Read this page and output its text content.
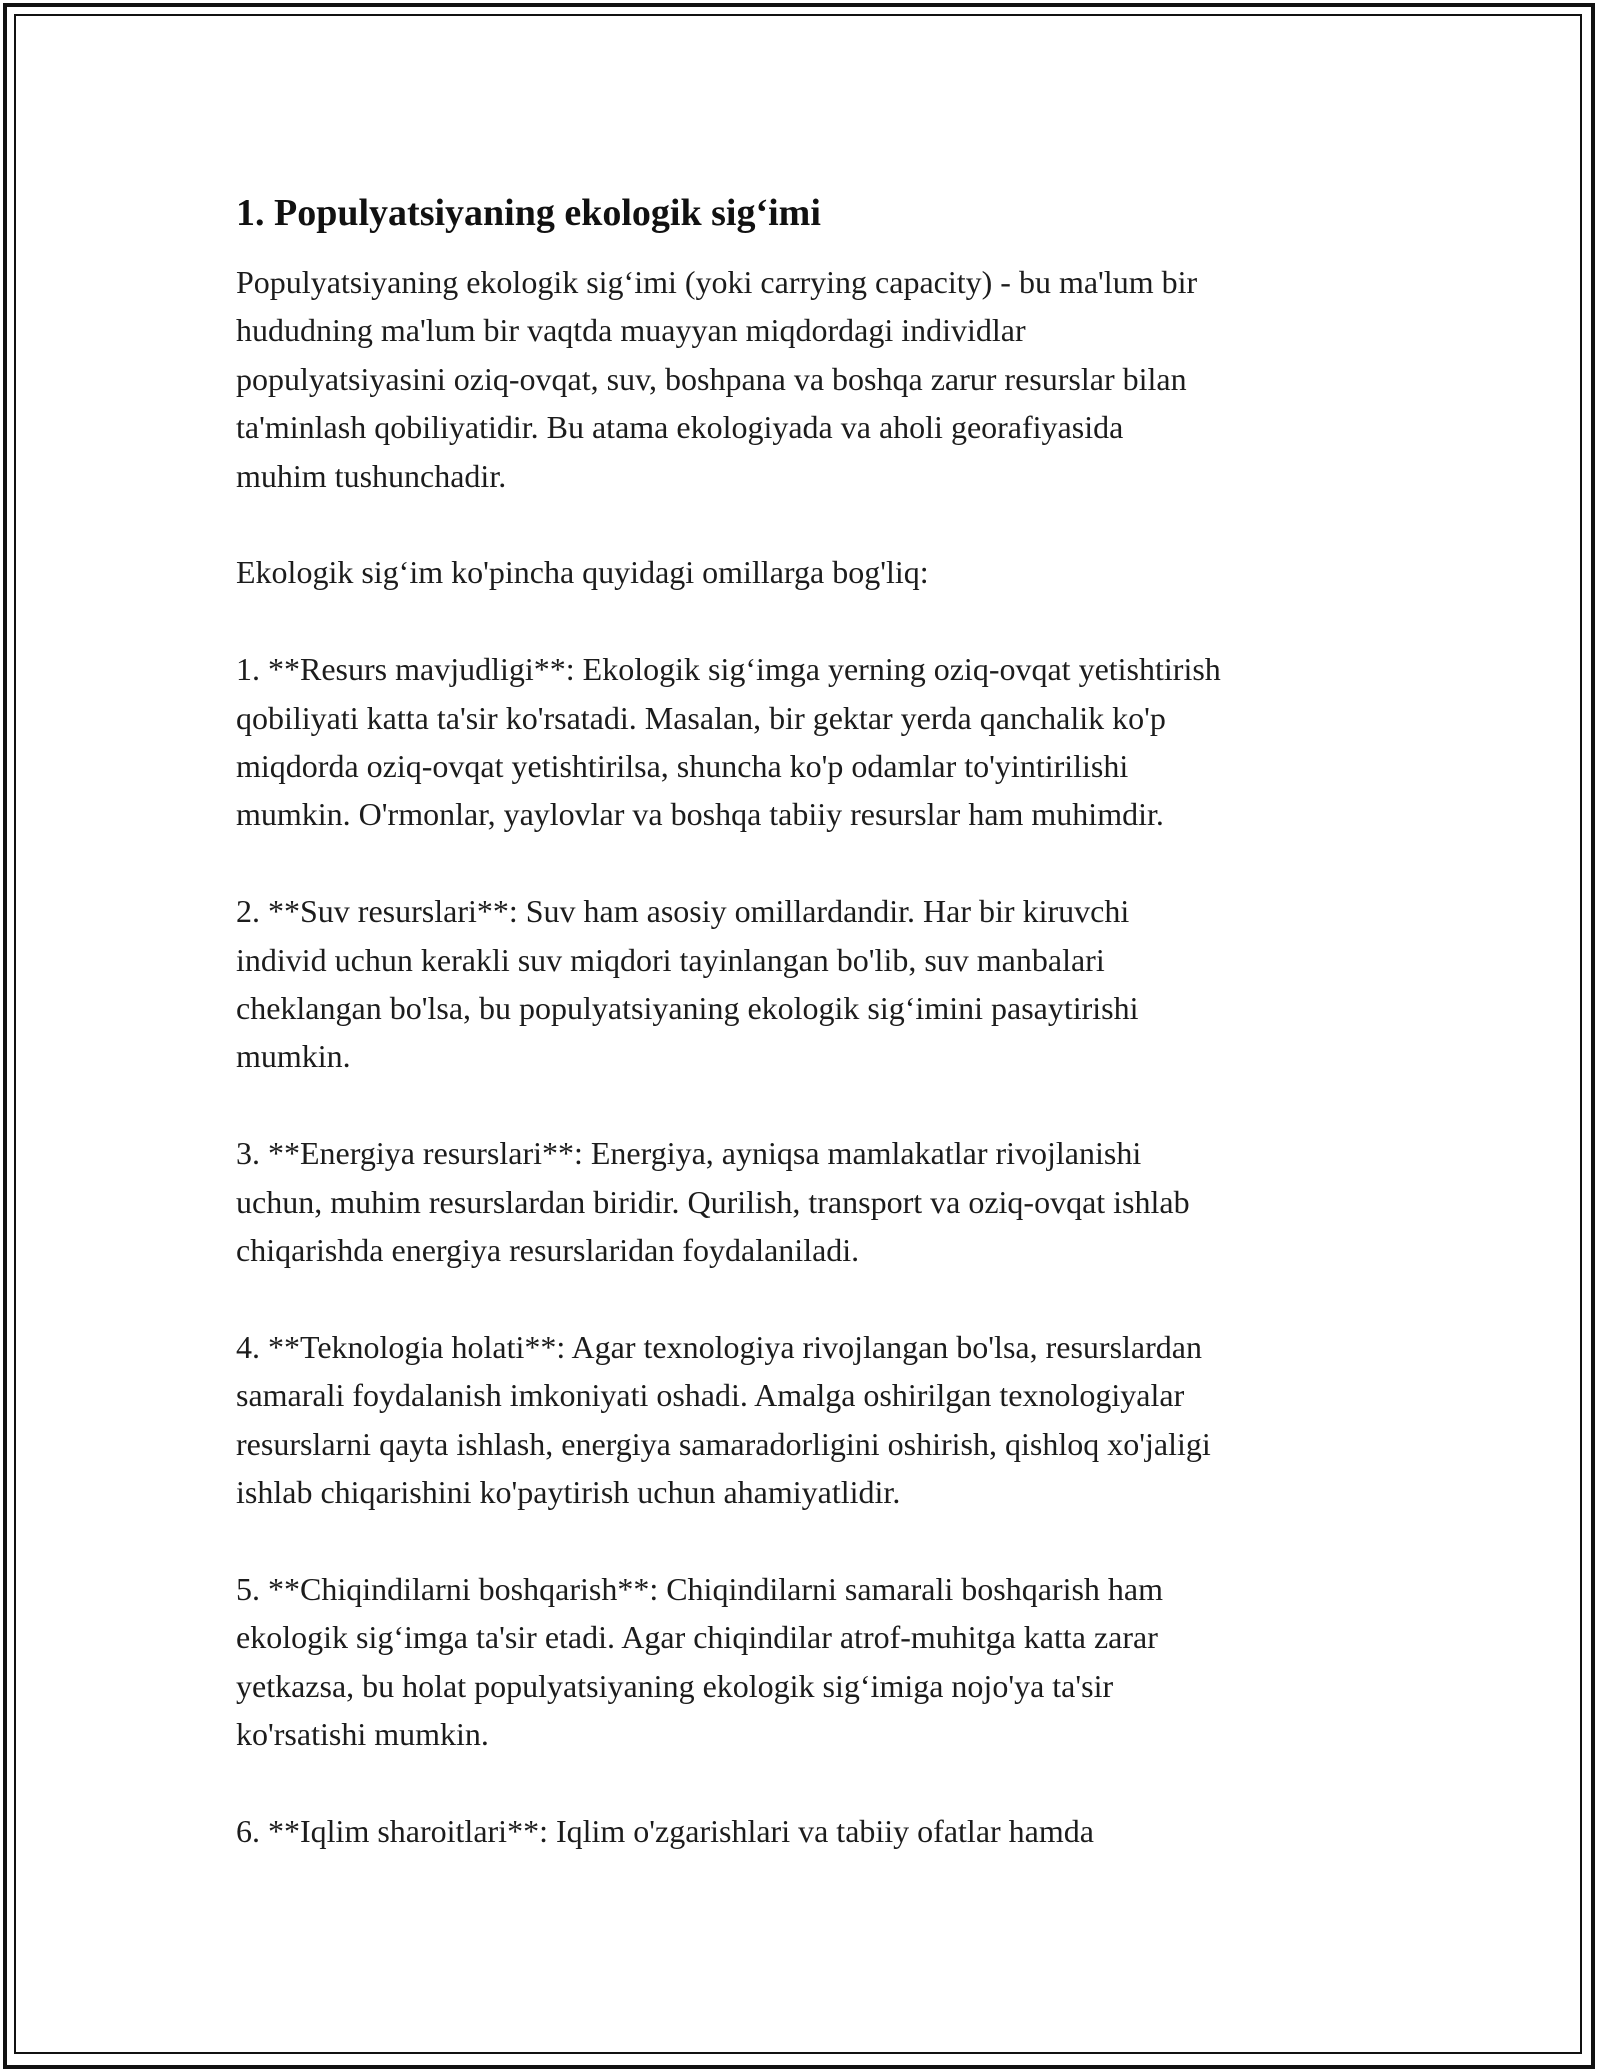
1. Populyatsiyaning ekologik sig‘imi

Populyatsiyaning ekologik sig‘imi (yoki carrying capacity) - bu ma'lum bir
hududning ma'lum bir vaqtda muayyan miqdordagi individlar
populyatsiyasini oziq-ovqat, suv, boshpana va boshqa zarur resurslar bilan
ta'minlash qobiliyatidir. Bu atama ekologiyada va aholi georafiyasida
muhim tushunchadir.

Ekologik sig‘im ko'pincha quyidagi omillarga bog'liq:

1. **Resurs mavjudligi**: Ekologik sig‘imga yerning oziq-ovqat yetishtirish
qobiliyati katta ta'sir ko'rsatadi. Masalan, bir gektar yerda qanchalik ko'p
miqdorda oziq-ovqat yetishtirilsa, shuncha ko'p odamlar to'yintirilishi
mumkin. O'rmonlar, yaylovlar va boshqa tabiiy resurslar ham muhimdir.

2. **Suv resurslari**: Suv ham asosiy omillardandir. Har bir kiruvchi
individ uchun kerakli suv miqdori tayinlangan bo'lib, suv manbalari
cheklangan bo'lsa, bu populyatsiyaning ekologik sig‘imini pasaytirishi
mumkin.

3. **Energiya resurslari**: Energiya, ayniqsa mamlakatlar rivojlanishi
uchun, muhim resurslardan biridir. Qurilish, transport va oziq-ovqat ishlab
chiqarishda energiya resurslaridan foydalaniladi.

4. **Teknologia holati**: Agar texnologiya rivojlangan bo'lsa, resurslardan
samarali foydalanish imkoniyati oshadi. Amalga oshirilgan texnologiyalar
resurslarni qayta ishlash, energiya samaradorligini oshirish, qishloq xo'jaligi
ishlab chiqarishini ko'paytirish uchun ahamiyatlidir.

5. **Chiqindilarni boshqarish**: Chiqindilarni samarali boshqarish ham
ekologik sig‘imga ta'sir etadi. Agar chiqindilar atrof-muhitga katta zarar
yetkazsa, bu holat populyatsiyaning ekologik sig‘imiga nojo'ya ta'sir
ko'rsatishi mumkin.

6. **Iqlim sharoitlari**: Iqlim o'zgarishlari va tabiiy ofatlar hamda
